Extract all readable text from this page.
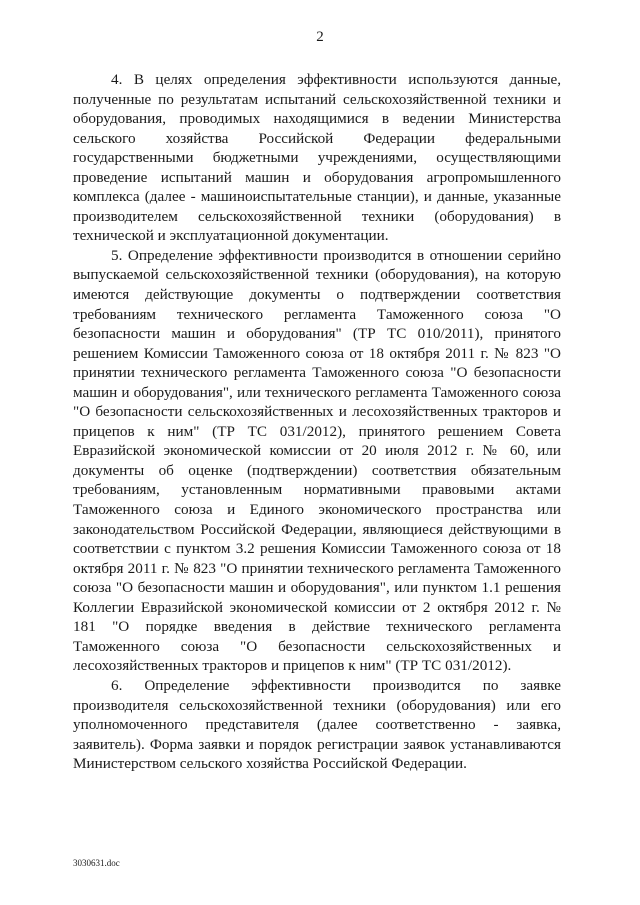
2

4. В целях определения эффективности используются данные, полученные по результатам испытаний сельскохозяйственной техники и оборудования, проводимых находящимися в ведении Министерства сельского хозяйства Российской Федерации федеральными государственными бюджетными учреждениями, осуществляющими проведение испытаний машин и оборудования агропромышленного комплекса (далее - машиноиспытательные станции), и данные, указанные производителем сельскохозяйственной техники (оборудования) в технической и эксплуатационной документации.

5. Определение эффективности производится в отношении серийно выпускаемой сельскохозяйственной техники (оборудования), на которую имеются действующие документы о подтверждении соответствия требованиям технического регламента Таможенного союза "О безопасности машин и оборудования" (ТР ТС 010/2011), принятого решением Комиссии Таможенного союза от 18 октября 2011 г. № 823 "О принятии технического регламента Таможенного союза "О безопасности машин и оборудования", или технического регламента Таможенного союза "О безопасности сельскохозяйственных и лесохозяйственных тракторов и прицепов к ним" (ТР ТС 031/2012), принятого решением Совета Евразийской экономической комиссии от 20 июля 2012 г. № 60, или документы об оценке (подтверждении) соответствия обязательным требованиям, установленным нормативными правовыми актами Таможенного союза и Единого экономического пространства или законодательством Российской Федерации, являющиеся действующими в соответствии с пунктом 3.2 решения Комиссии Таможенного союза от 18 октября 2011 г. № 823 "О принятии технического регламента Таможенного союза "О безопасности машин и оборудования", или пунктом 1.1 решения Коллегии Евразийской экономической комиссии от 2 октября 2012 г. № 181 "О порядке введения в действие технического регламента Таможенного союза "О безопасности сельскохозяйственных и лесохозяйственных тракторов и прицепов к ним" (ТР ТС 031/2012).

6. Определение эффективности производится по заявке производителя сельскохозяйственной техники (оборудования) или его уполномоченного представителя (далее соответственно - заявка, заявитель). Форма заявки и порядок регистрации заявок устанавливаются Министерством сельского хозяйства Российской Федерации.

3030631.doc
